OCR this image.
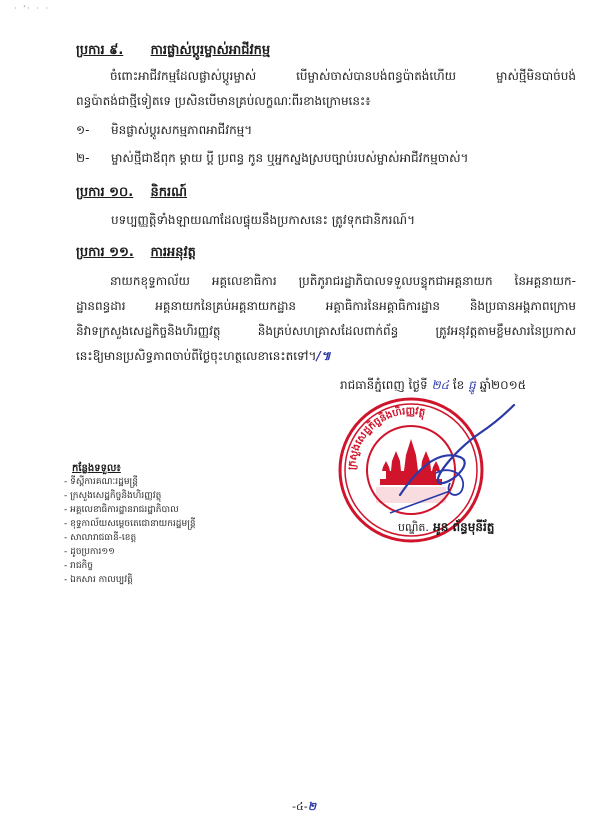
· '· · ·
ប្រការ ៩. ការផ្លាស់ប្ដូរម្ចាស់អាជីវកម្ម
ចំពោះអាជីវកម្មដែលផ្លាស់ប្ដូរម្ចាស់ បើម្ចាស់ចាស់បានបង់ពន្ធប៉ាតង់ហើយ ម្ចាស់ថ្មីមិនបាច់បង់
ពន្ធប៉ាតង់ជាថ្មីទៀតទេ ប្រសិនបើមានគ្រប់លក្ខណៈពីរខាងក្រោមនេះ៖
១- មិនផ្លាស់ប្ដូរសកម្មភាពអាជីវកម្ម។
២- ម្ចាស់ថ្មីជាឪពុក ម្ដាយ ប្ដី ប្រពន្ធ កូន ឬអ្នកស្នងស្របច្បាប់របស់ម្ចាស់អាជីវកម្មចាស់។
ប្រការ ១០. និករណ៍
បទប្បញ្ញត្តិទាំងឡាយណាដែលផ្ទុយនឹងប្រកាសនេះ ត្រូវទុកជានិករណ៍។
ប្រការ ១១. ការអនុវត្ត
នាយកខុទ្ទកាល័យ អគ្គលេខាធិការ ប្រតិភូរាជរដ្ឋាភិបាលទទួលបន្ទុកជាអគ្គនាយក នៃអគ្គនាយក-
ដ្ឋានពន្ធដារ អគ្គនាយកនៃគ្រប់អគ្គនាយកដ្ឋាន អគ្គាធិការនៃអគ្គាធិការដ្ឋាន និងប្រធានអង្គភាពក្រោម
និវាទក្រសួងសេដ្ឋកិច្ចនិងហិរញ្ញវត្ថុ និងគ្រប់សហគ្រាសដែលពាក់ព័ន្ធ ត្រូវអនុវត្តតាមខ្លឹមសារនៃប្រកាស
នេះឱ្យមានប្រសិទ្ធភាពចាប់ពីថ្ងៃចុះហត្ថលេខានេះតទៅ។/៕
រាជធានីភ្នំពេញ ថ្ងៃទី ២៤ ខែ ធ្នូ ឆ្នាំ២០១៥
ក្រសួងសេដ្ឋកិច្ចនិងហិរញ្ញវត្ថុ
បណ្ឌិត. អូន ព័ន្ធមុនីរ័ត្ន
កន្លែងទទួល៖
- ទីស្ដីការគណៈរដ្ឋមន្ត្រី
- ក្រសួងសេដ្ឋកិច្ចនិងហិរញ្ញវត្ថុ
- អគ្គលេខាធិការដ្ឋានរាជរដ្ឋាភិបាល
- ខុទ្ទកាល័យសម្ដេចតេជោនាយករដ្ឋមន្ត្រី
- សាលារាជធានី-ខេត្ត
- ដូចប្រការ១១
- រាជកិច្ច
- ឯកសារ កាលប្បវត្តិ
-៤-២
